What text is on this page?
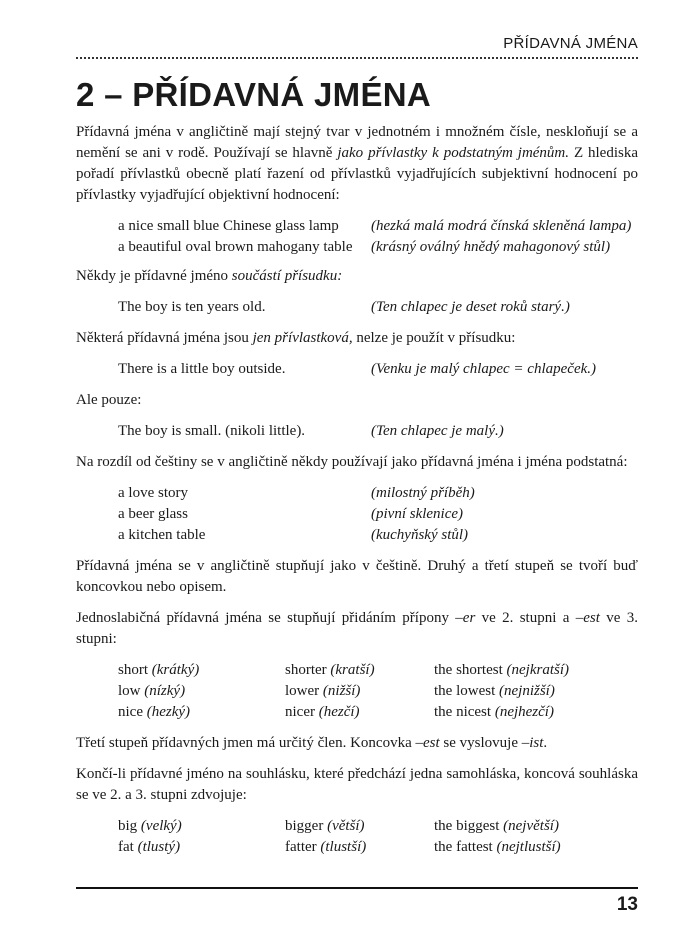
PŘÍDAVNÁ JMÉNA
2 – PŘÍDAVNÁ JMÉNA

Přídavná jména v angličtině mají stejný tvar v jednotném i množném čísle, neskloňují se a nemění se ani v rodě. Používají se hlavně jako přívlastky k podstatným jménům. Z hlediska pořadí přívlastků obecně platí řazení od přívlastků vyjadřujících subjektivní hodnocení po přívlastky vyjadřující objektivní hodnocení:

a nice small blue Chinese glass lamp	(hezká malá modrá čínská skleněná lampa)
a beautiful oval brown mahogany table	(krásný oválný hnědý mahagonový stůl)

Někdy je přídavné jméno součástí přísudku:

The boy is ten years old.	(Ten chlapec je deset roků starý.)

Některá přídavná jména jsou jen přívlastková, nelze je použít v přísudku:

There is a little boy outside.	(Venku je malý chlapec = chlapeček.)

Ale pouze:

The boy is small. (nikoli little).	(Ten chlapec je malý.)

Na rozdíl od češtiny se v angličtině někdy používají jako přídavná jména i jména podstatná:

a love story	(milostný příběh)
a beer glass	(pivní sklenice)
a kitchen table	(kuchyňský stůl)

Přídavná jména se v angličtině stupňují jako v češtině. Druhý a třetí stupeň se tvoří buď koncovkou nebo opisem.

Jednoslabičná přídavná jména se stupňují přidáním přípony –er ve 2. stupni a –est ve 3. stupni:

short (krátký)	shorter (kratší)	the shortest (nejkratší)
low (nízký)	lower (nižší)	the lowest (nejnižší)
nice (hezký)	nicer (hezčí)	the nicest (nejhezčí)

Třetí stupeň přídavných jmen má určitý člen. Koncovka –est se vyslovuje –ist.

Končí-li přídavné jméno na souhlásku, které předchází jedna samohláska, koncová souhláska se ve 2. a 3. stupni zdvojuje:

big (velký)	bigger (větší)	the biggest (největší)
fat (tlustý)	fatter (tlustší)	the fattest (nejtlustší)
13
